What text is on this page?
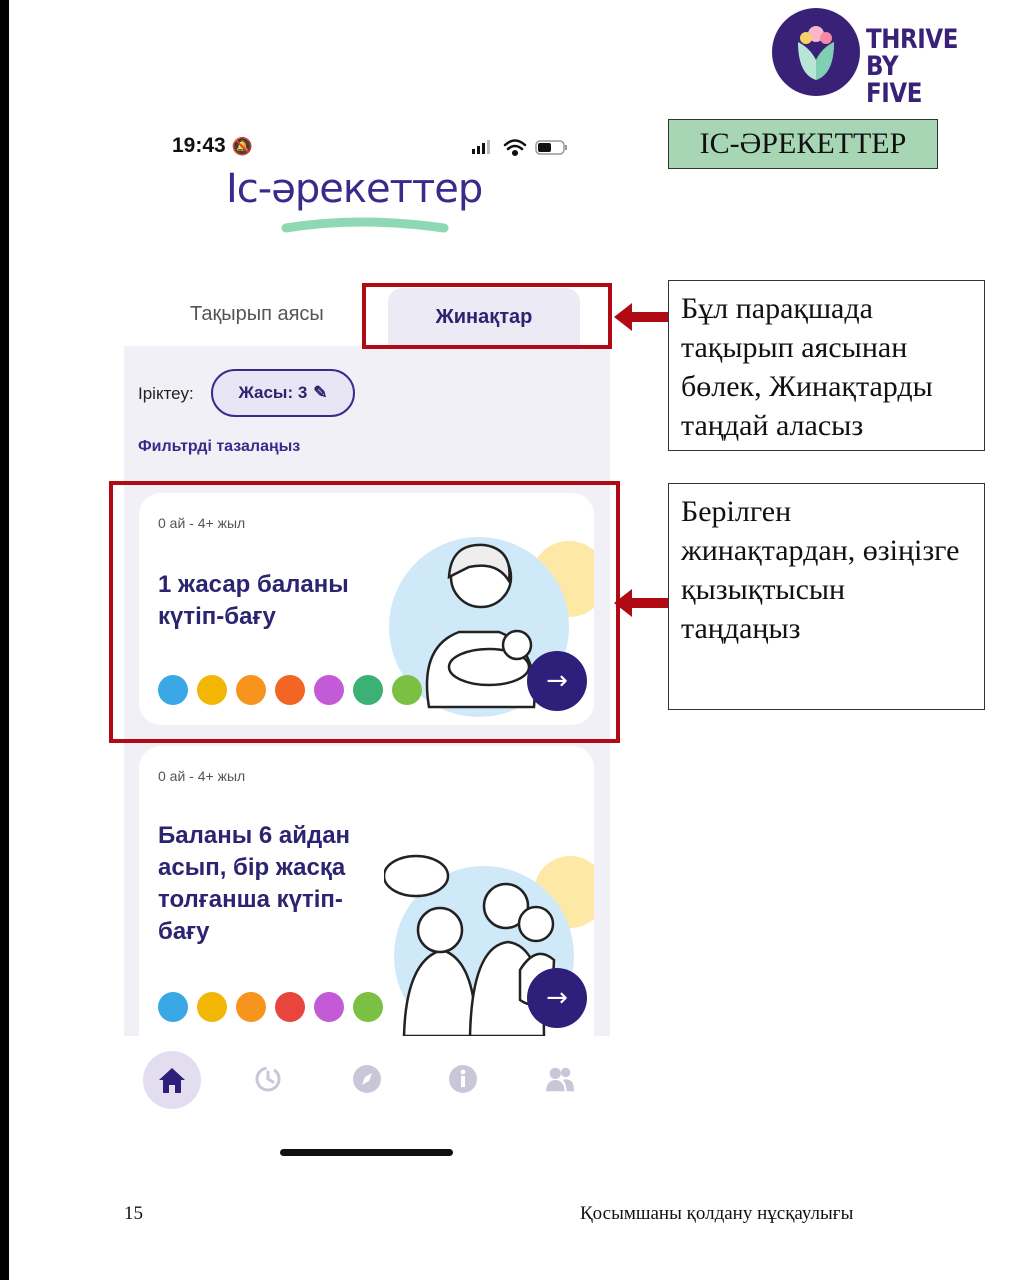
THRIVE
BY FIVE
ІС-ӘРЕКЕТТЕР
19:43 🔕
Іс-әрекеттер
Тақырып аясы	Жинақтар
Іріктеу:	Жасы: 3 ✎
Фильтрді тазалаңыз
0 ай - 4+ жыл
1 жасар баланы күтіп-бағу
→
0 ай - 4+ жыл
Баланы 6 айдан асып, бір жасқа толғанша күтіп-бағу
→
Бұл парақшада тақырып аясынан бөлек, Жинақтарды таңдай аласыз
Берілген жинақтардан, өзіңізге қызықтысын таңдаңыз
15	Қосымшаны қолдану нұсқаулығы
